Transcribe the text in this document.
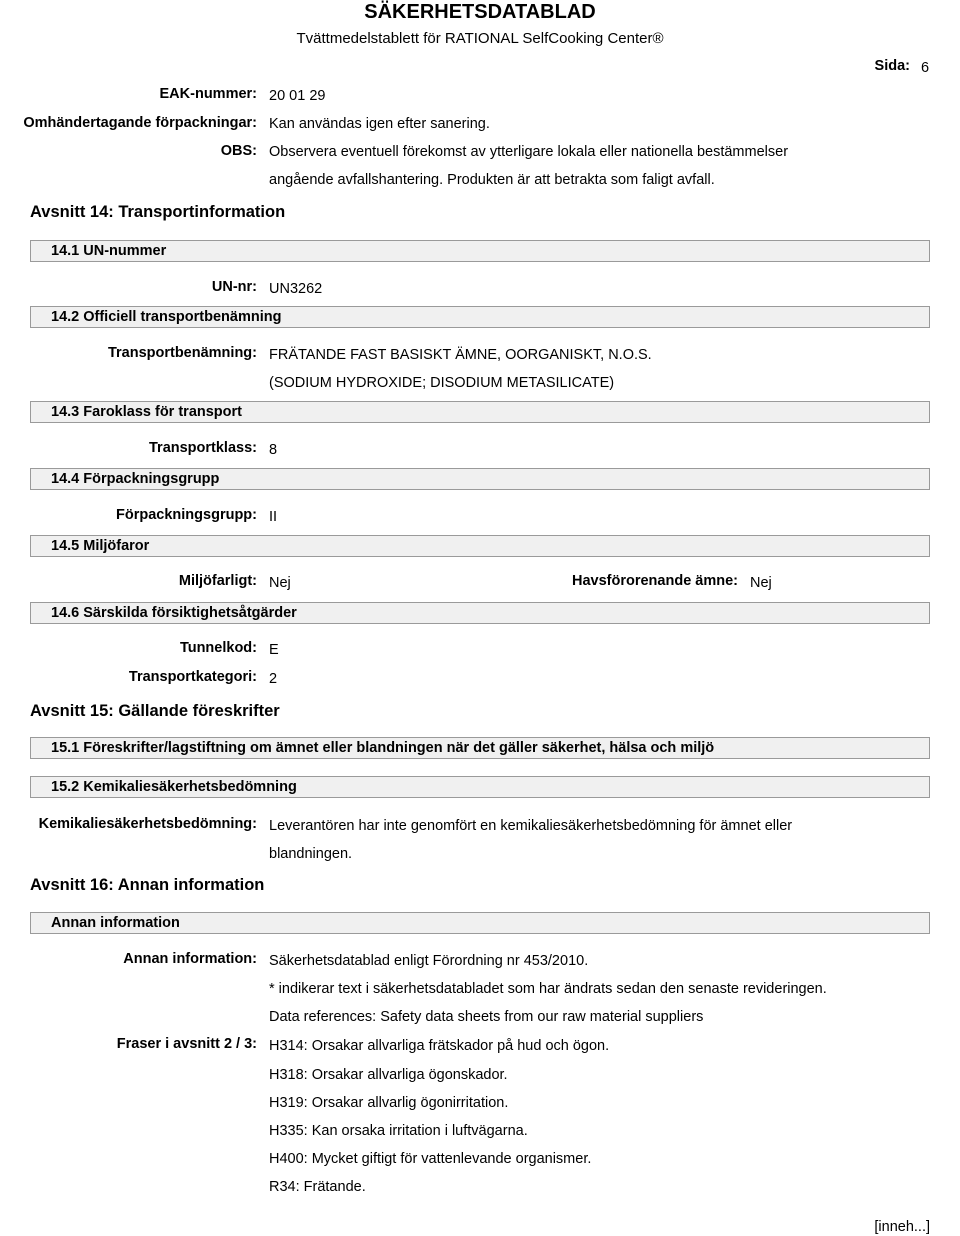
SÄKERHETSDATABLAD
Tvättmedelstablett för RATIONAL SelfCooking Center®
Sida: 6
EAK-nummer: 20 01 29
Omhändertagande förpackningar: Kan användas igen efter sanering.
OBS: Observera eventuell förekomst av ytterligare lokala eller nationella bestämmelser
angående avfallshantering. Produkten är att betrakta som faligt avfall.
Avsnitt 14: Transportinformation
14.1 UN-nummer
UN-nr: UN3262
14.2 Officiell transportbenämning
Transportbenämning: FRÄTANDE FAST BASISKT ÄMNE, OORGANISKT, N.O.S.
(SODIUM HYDROXIDE; DISODIUM METASILICATE)
14.3 Faroklass för transport
Transportklass: 8
14.4 Förpackningsgrupp
Förpackningsgrupp: II
14.5 Miljöfaror
Miljöfarligt: Nej	Havsförorenande ämne: Nej
14.6 Särskilda försiktighetsåtgärder
Tunnelkod: E
Transportkategori: 2
Avsnitt 15: Gällande föreskrifter
15.1 Föreskrifter/lagstiftning om ämnet eller blandningen när det gäller säkerhet, hälsa och miljö
15.2 Kemikaliesäkerhetsbedömning
Kemikaliesäkerhetsbedömning: Leverantören har inte genomfört en kemikaliesäkerhetsbedömning för ämnet eller
blandningen.
Avsnitt 16: Annan information
Annan information
Annan information: Säkerhetsdatablad enligt Förordning nr 453/2010.
* indikerar text i säkerhetsdatabladet som har ändrats sedan den senaste revideringen.
Data references: Safety data sheets from our raw material suppliers
Fraser i avsnitt 2 / 3: H314: Orsakar allvarliga frätskador på hud och ögon.
H318: Orsakar allvarliga ögonskador.
H319: Orsakar allvarlig ögonirritation.
H335: Kan orsaka irritation i luftvägarna.
H400: Mycket giftigt för vattenlevande organismer.
R34: Frätande.
[inneh...]
